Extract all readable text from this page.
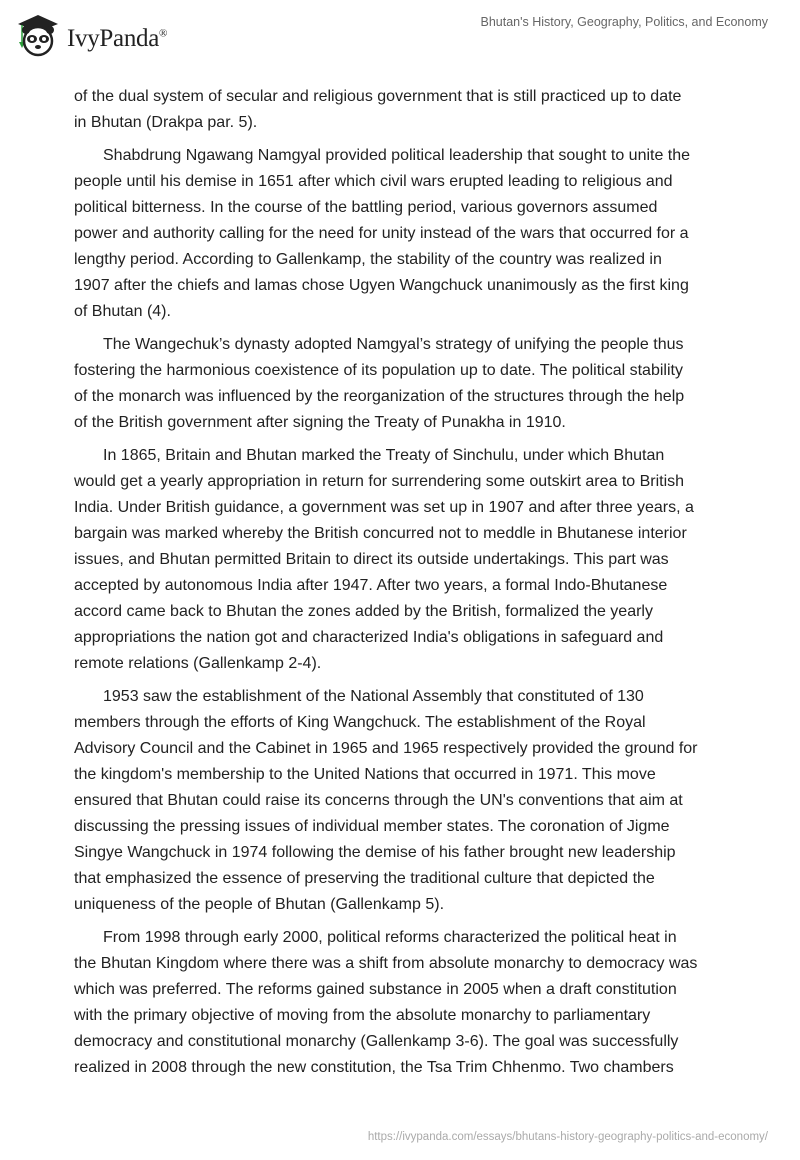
IvyPanda®
Bhutan's History, Geography, Politics, and Economy

of the dual system of secular and religious government that is still practiced up to date
in Bhutan (Drakpa par. 5).

Shabdrung Ngawang Namgyal provided political leadership that sought to unite the
people until his demise in 1651 after which civil wars erupted leading to religious and
political bitterness. In the course of the battling period, various governors assumed
power and authority calling for the need for unity instead of the wars that occurred for a
lengthy period. According to Gallenkamp, the stability of the country was realized in
1907 after the chiefs and lamas chose Ugyen Wangchuck unanimously as the first king
of Bhutan (4).

The Wangechuk’s dynasty adopted Namgyal’s strategy of unifying the people thus
fostering the harmonious coexistence of its population up to date. The political stability
of the monarch was influenced by the reorganization of the structures through the help
of the British government after signing the Treaty of Punakha in 1910.

In 1865, Britain and Bhutan marked the Treaty of Sinchulu, under which Bhutan
would get a yearly appropriation in return for surrendering some outskirt area to British
India. Under British guidance, a government was set up in 1907 and after three years, a
bargain was marked whereby the British concurred not to meddle in Bhutanese interior
issues, and Bhutan permitted Britain to direct its outside undertakings. This part was
accepted by autonomous India after 1947. After two years, a formal Indo-Bhutanese
accord came back to Bhutan the zones added by the British, formalized the yearly
appropriations the nation got and characterized India's obligations in safeguard and
remote relations (Gallenkamp 2-4).

1953 saw the establishment of the National Assembly that constituted of 130
members through the efforts of King Wangchuck. The establishment of the Royal
Advisory Council and the Cabinet in 1965 and 1965 respectively provided the ground for
the kingdom's membership to the United Nations that occurred in 1971. This move
ensured that Bhutan could raise its concerns through the UN's conventions that aim at
discussing the pressing issues of individual member states. The coronation of Jigme
Singye Wangchuck in 1974 following the demise of his father brought new leadership
that emphasized the essence of preserving the traditional culture that depicted the
uniqueness of the people of Bhutan (Gallenkamp 5).

From 1998 through early 2000, political reforms characterized the political heat in
the Bhutan Kingdom where there was a shift from absolute monarchy to democracy was
which was preferred. The reforms gained substance in 2005 when a draft constitution
with the primary objective of moving from the absolute monarchy to parliamentary
democracy and constitutional monarchy (Gallenkamp 3-6). The goal was successfully
realized in 2008 through the new constitution, the Tsa Trim Chhenmo. Two chambers

https://ivypanda.com/essays/bhutans-history-geography-politics-and-economy/
